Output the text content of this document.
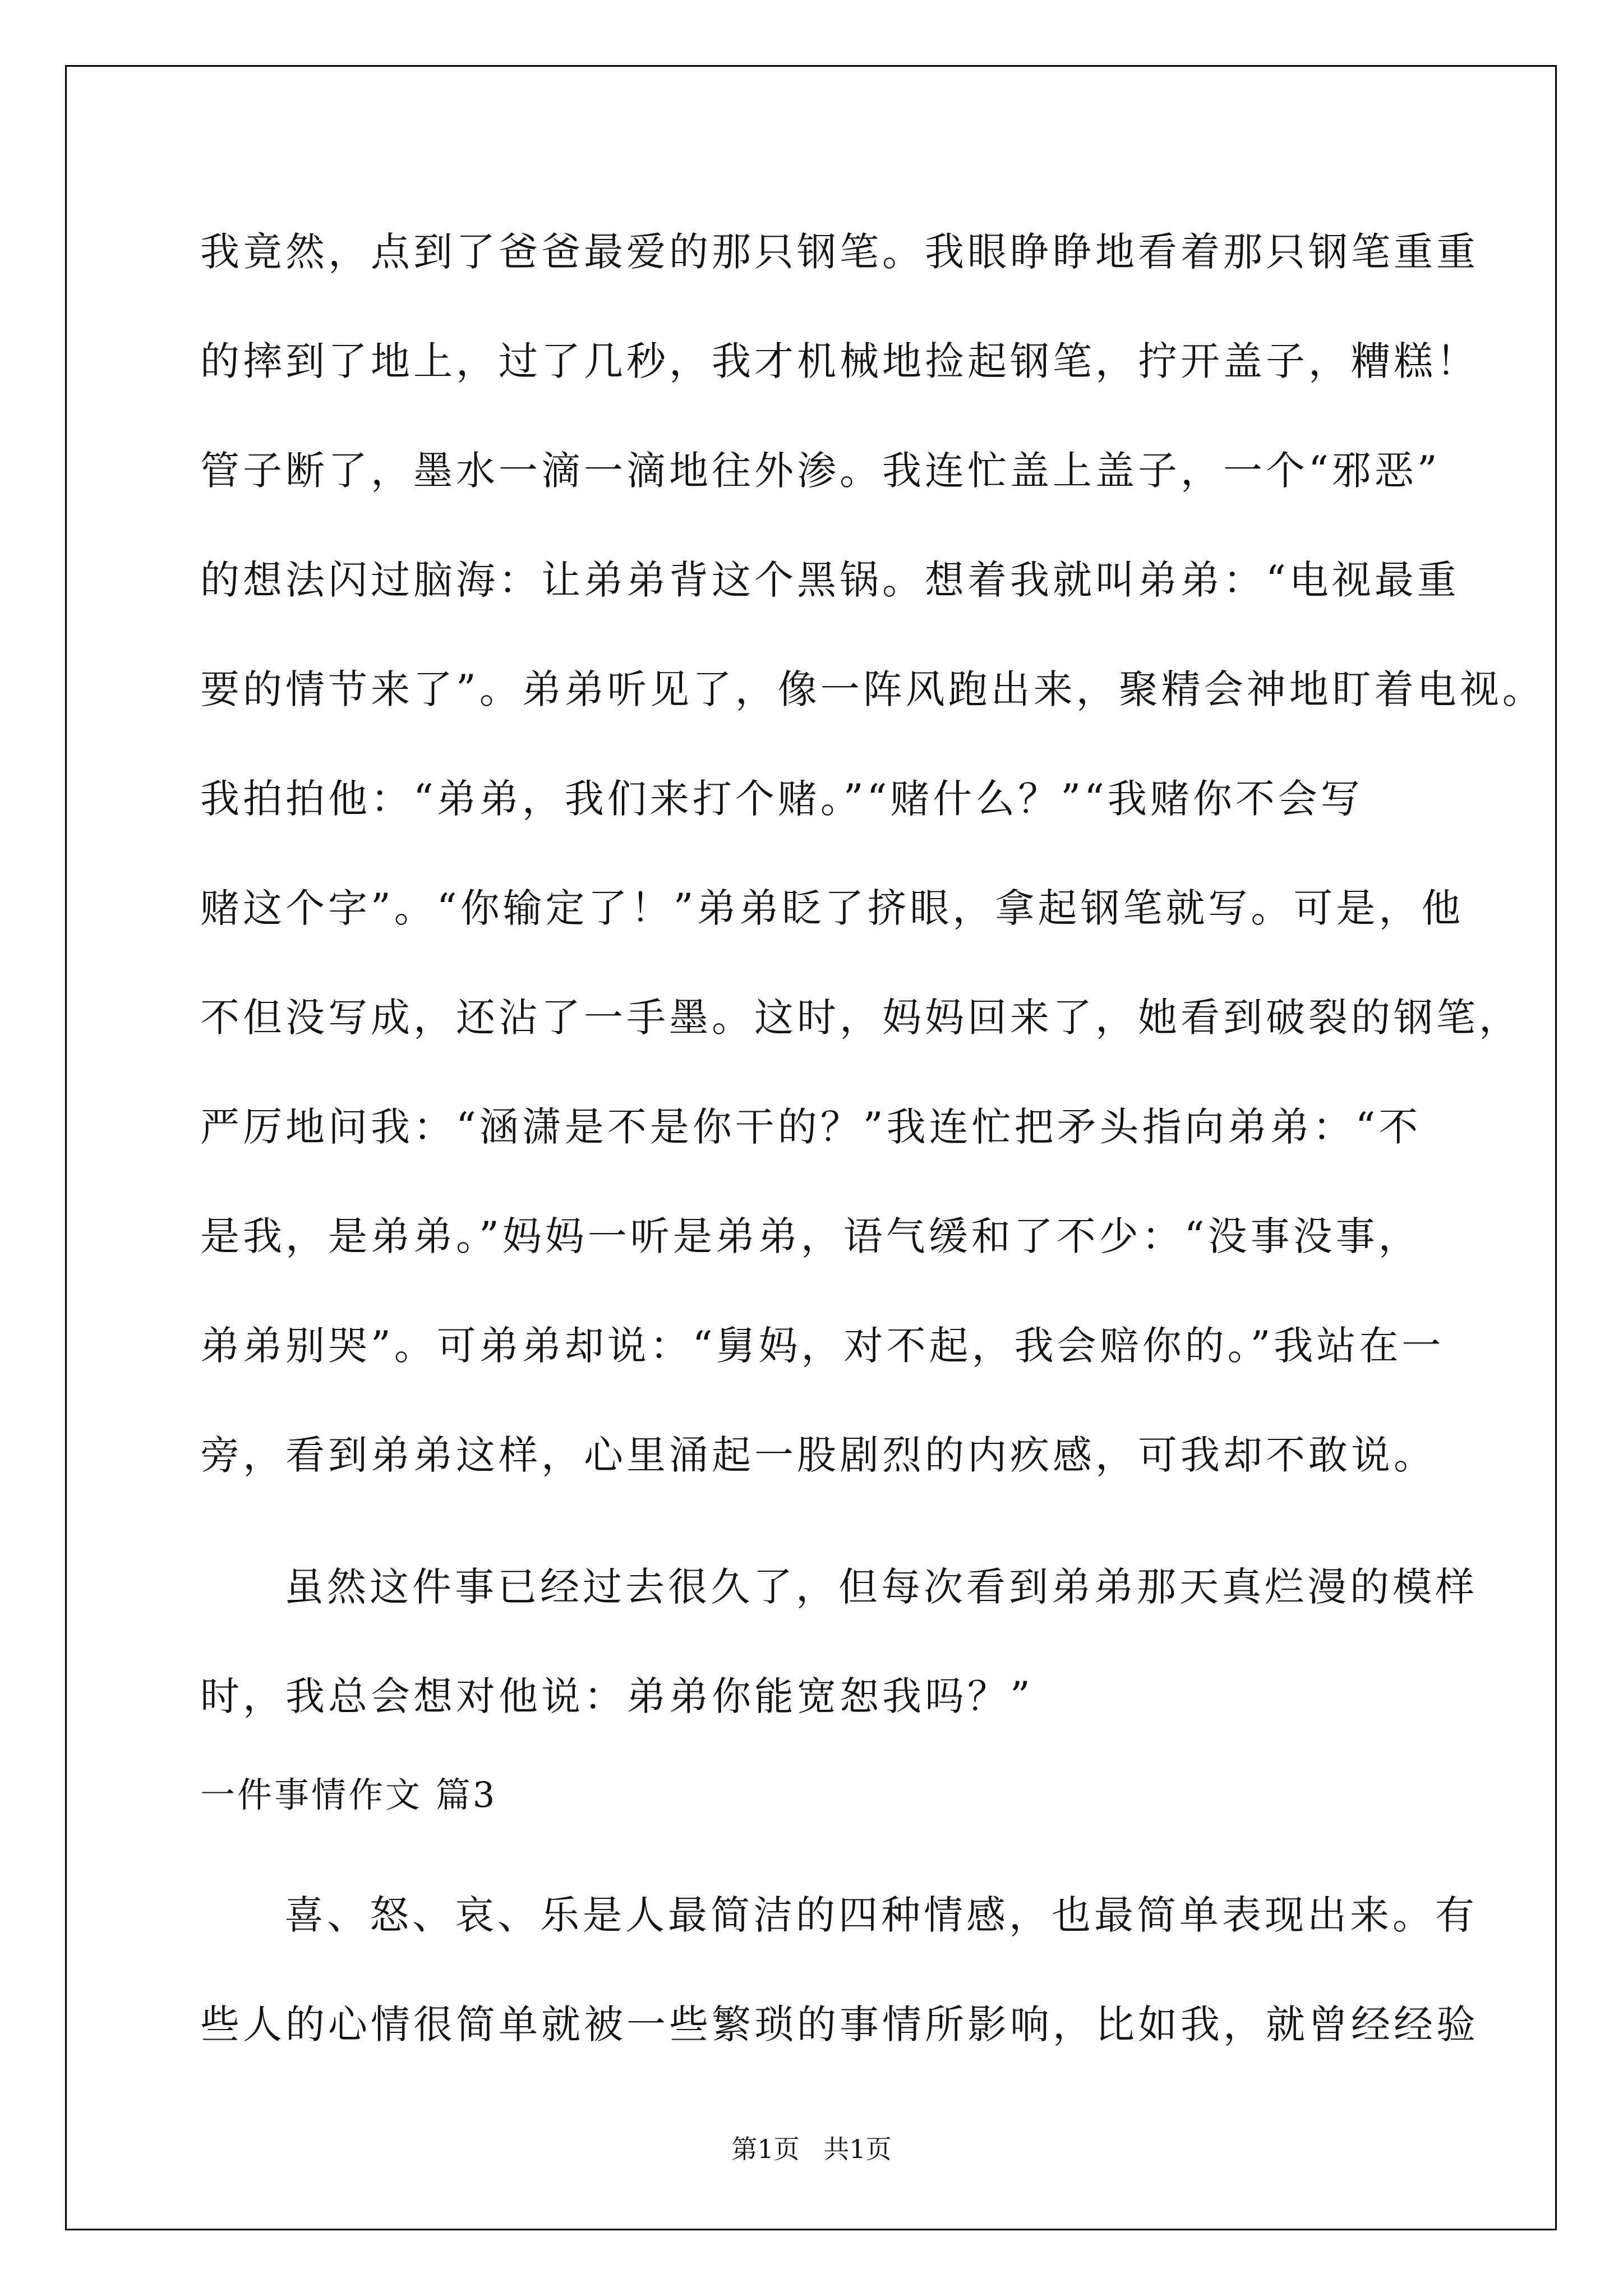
我竟然，点到了爸爸最爱的那只钢笔。我眼睁睁地看着那只钢笔重重
的摔到了地上，过了几秒，我才机械地捡起钢笔，拧开盖子，糟糕！
管子断了，墨水一滴一滴地往外渗。我连忙盖上盖子，一个“邪恶”
的想法闪过脑海：让弟弟背这个黑锅。想着我就叫弟弟：“电视最重
要的情节来了”。弟弟听见了，像一阵风跑出来，聚精会神地盯着电视。
我拍拍他：“弟弟，我们来打个赌。”“赌什么？”“我赌你不会写
赌这个字”。“你输定了！”弟弟眨了挤眼，拿起钢笔就写。可是，他
不但没写成，还沾了一手墨。这时，妈妈回来了，她看到破裂的钢笔，
严厉地问我：“涵潇是不是你干的？”我连忙把矛头指向弟弟：“不
是我，是弟弟。”妈妈一听是弟弟，语气缓和了不少：“没事没事，
弟弟别哭”。可弟弟却说：“舅妈，对不起，我会赔你的。”我站在一
旁，看到弟弟这样，心里涌起一股剧烈的内疚感，可我却不敢说。
虽然这件事已经过去很久了，但每次看到弟弟那天真烂漫的模样
时，我总会想对他说：弟弟你能宽恕我吗？”
一件事情作文 篇3
喜、怒、哀、乐是人最简洁的四种情感，也最简单表现出来。有
些人的心情很简单就被一些繁琐的事情所影响，比如我，就曾经经验
第1页 共1页
